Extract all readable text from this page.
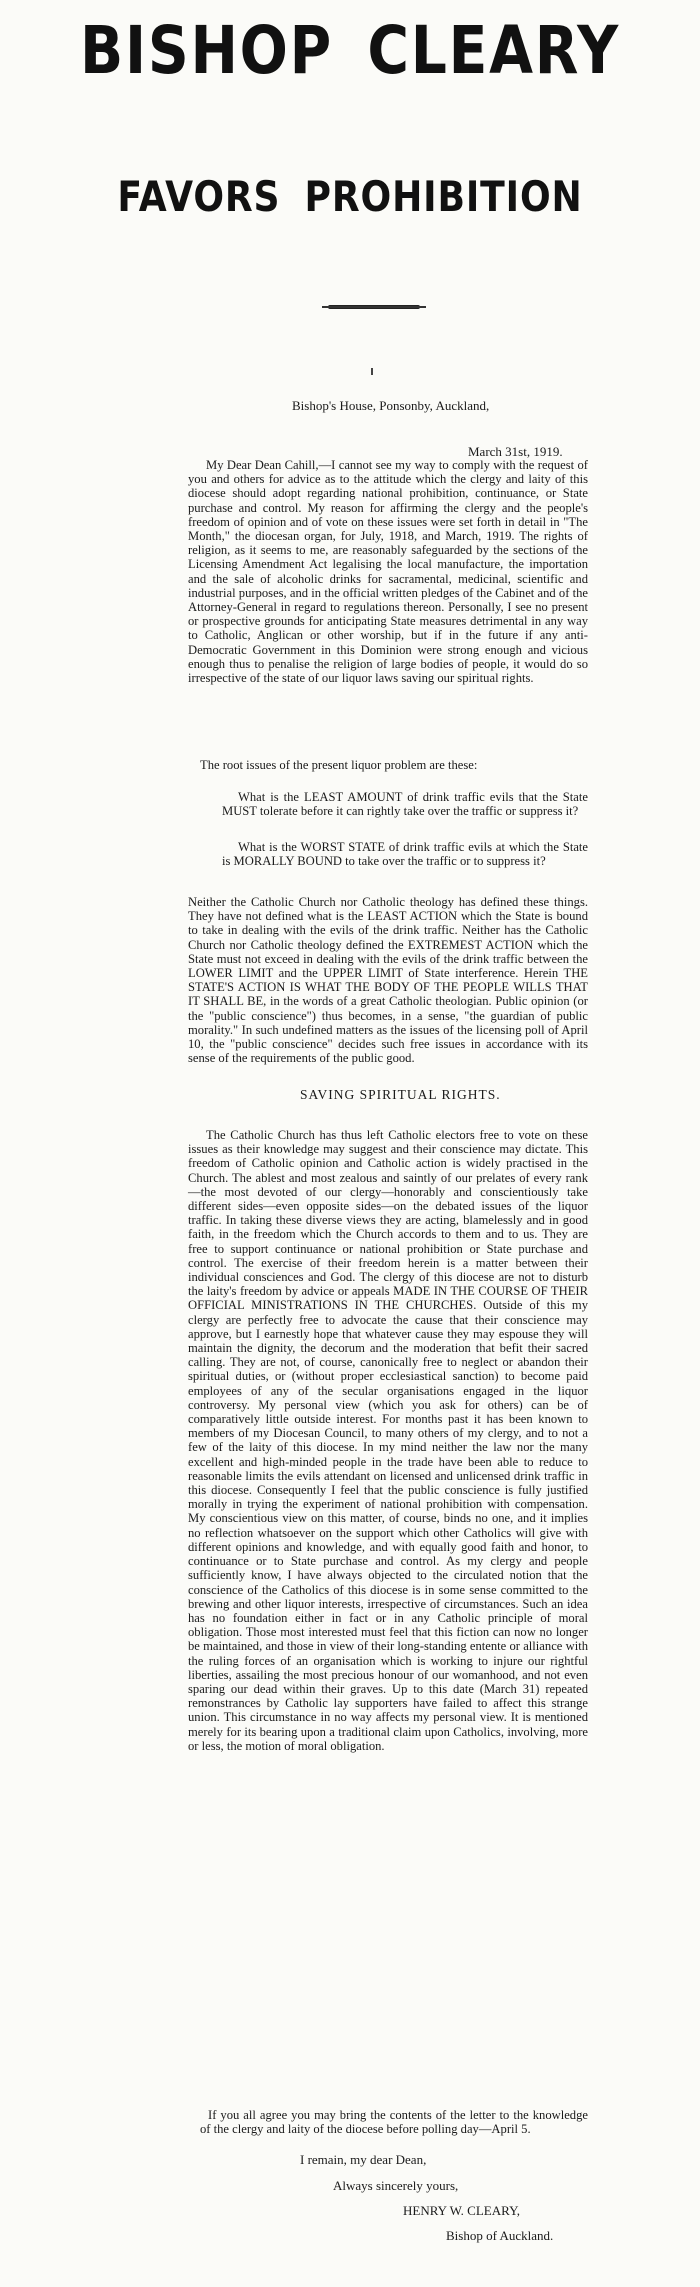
BISHOP CLEARY
FAVORS PROHIBITION
Bishop's House, Ponsonby, Auckland,
March 31st, 1919.

My Dear Dean Cahill,—I cannot see my way to comply with the request of you and others for advice as to the attitude which the clergy and laity of this diocese should adopt regarding national prohibition, continuance, or State purchase and control. My reason for affirming the clergy and the people's freedom of opinion and of vote on these issues were set forth in detail in "The Month," the diocesan organ, for July, 1918, and March, 1919. The rights of religion, as it seems to me, are reasonably safeguarded by the sections of the Licensing Amendment Act legalising the local manufacture, the importation and the sale of alcoholic drinks for sacramental, medicinal, scientific and industrial purposes, and in the official written pledges of the Cabinet and of the Attorney-General in regard to regulations thereon. Personally, I see no present or prospective grounds for anticipating State measures detrimental in any way to Catholic, Anglican or other worship, but if in the future if any anti-Democratic Government in this Dominion were strong enough and vicious enough thus to penalise the religion of large bodies of people, it would do so irrespective of the state of our liquor laws saving our spiritual rights.

The root issues of the present liquor problem are these:

What is the LEAST AMOUNT of drink traffic evils that the State MUST tolerate before it can rightly take over the traffic or suppress it?

What is the WORST STATE of drink traffic evils at which the State is MORALLY BOUND to take over the traffic or to suppress it?

Neither the Catholic Church nor Catholic theology has defined these things. They have not defined what is the LEAST ACTION which the State is bound to take in dealing with the evils of the drink traffic. Neither has the Catholic Church nor Catholic theology defined the EXTREMEST ACTION which the State must not exceed in dealing with the evils of the drink traffic between the LOWER LIMIT and the UPPER LIMIT of State interference. Herein THE STATE'S ACTION IS WHAT THE BODY OF THE PEOPLE WILLS THAT IT SHALL BE, in the words of a great Catholic theologian. Public opinion (or the "public conscience") thus becomes, in a sense, "the guardian of public morality." In such undefined matters as the issues of the licensing poll of April 10, the "public conscience" decides such free issues in accordance with its sense of the requirements of the public good.

SAVING SPIRITUAL RIGHTS.

The Catholic Church has thus left Catholic electors free to vote on these issues as their knowledge may suggest and their conscience may dictate. This freedom of Catholic opinion and Catholic action is widely practised in the Church. The ablest and most zealous and saintly of our prelates of every rank—the most devoted of our clergy—honorably and conscientiously take different sides—even opposite sides—on the debated issues of the liquor traffic. In taking these diverse views they are acting, blamelessly and in good faith, in the freedom which the Church accords to them and to us. They are free to support continuance or national prohibition or State purchase and control. The exercise of their freedom herein is a matter between their individual consciences and God. The clergy of this diocese are not to disturb the laity's freedom by advice or appeals MADE IN THE COURSE OF THEIR OFFICIAL MINISTRATIONS IN THE CHURCHES. Outside of this my clergy are perfectly free to advocate the cause that their conscience may approve, but I earnestly hope that whatever cause they may espouse they will maintain the dignity, the decorum and the moderation that befit their sacred calling. They are not, of course, canonically free to neglect or abandon their spiritual duties, or (without proper ecclesiastical sanction) to become paid employees of any of the secular organisations engaged in the liquor controversy. My personal view (which you ask for others) can be of comparatively little outside interest. For months past it has been known to members of my Diocesan Council, to many others of my clergy, and to not a few of the laity of this diocese. In my mind neither the law nor the many excellent and high-minded people in the trade have been able to reduce to reasonable limits the evils attendant on licensed and unlicensed drink traffic in this diocese. Consequently I feel that the public conscience is fully justified morally in trying the experiment of national prohibition with compensation. My conscientious view on this matter, of course, binds no one, and it implies no reflection whatsoever on the support which other Catholics will give with different opinions and knowledge, and with equally good faith and honor, to continuance or to State purchase and control. As my clergy and people sufficiently know, I have always objected to the circulated notion that the conscience of the Catholics of this diocese is in some sense committed to the brewing and other liquor interests, irrespective of circumstances. Such an idea has no foundation either in fact or in any Catholic principle of moral obligation. Those most interested must feel that this fiction can now no longer be maintained, and those in view of their long-standing entente or alliance with the ruling forces of an organisation which is working to injure our rightful liberties, assailing the most precious honour of our womanhood, and not even sparing our dead within their graves. Up to this date (March 31) repeated remonstrances by Catholic lay supporters have failed to affect this strange union. This circumstance in no way affects my personal view. It is mentioned merely for its bearing upon a traditional claim upon Catholics, involving, more or less, the motion of moral obligation.

If you all agree you may bring the contents of the letter to the knowledge of the clergy and laity of the diocese before polling day—April 5.

I remain, my dear Dean,
Always sincerely yours,
HENRY W. CLEARY,
Bishop of Auckland.
